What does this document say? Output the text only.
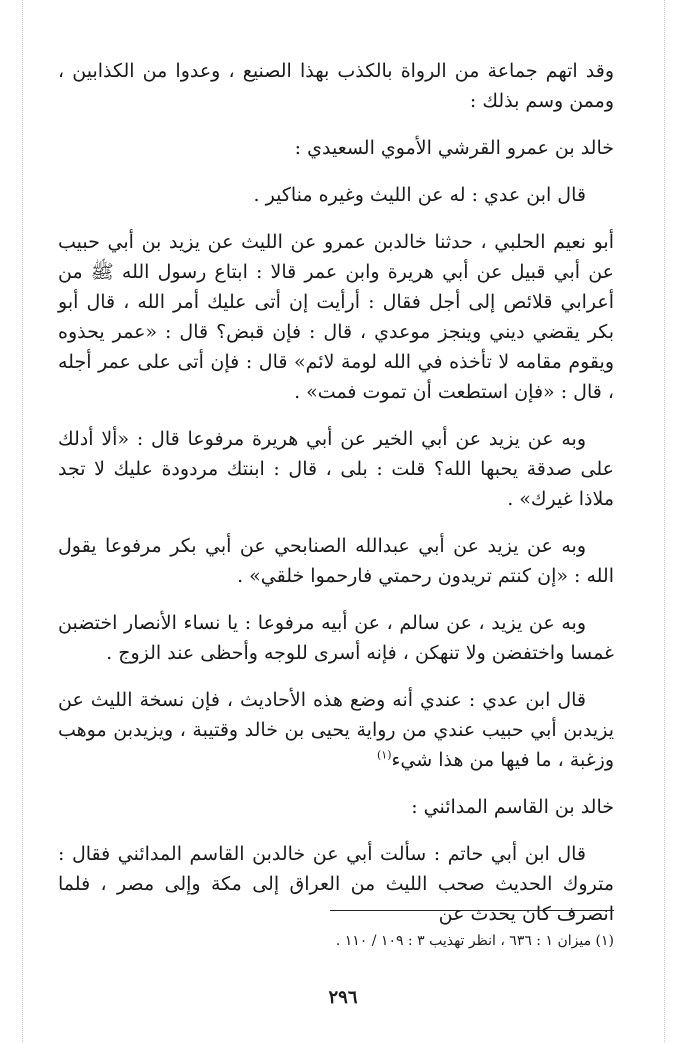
وقد اتهم جماعة من الرواة بالكذب بهذا الصنيع ، وعدوا من الكذابين ، وممن وسم بذلك :

خالد بن عمرو القرشي الأموي السعيدي :

قال ابن عدي : له عن الليث وغيره مناكير .

أبو نعيم الحلبي ، حدثنا خالدبن عمرو عن الليث عن يزيد بن أبي حبيب عن أبي قبيل عن أبي هريرة وابن عمر قالا : ابتاع رسول الله ﷺ من أعرابي قلائص إلى أجل فقال : أرأيت إن أتى عليك أمر الله ، قال أبو بكر يقضي ديني وينجز موعدي ، قال : فإن قبض؟ قال : «عمر يحذوه ويقوم مقامه لا تأخذه في الله لومة لائم» قال : فإن أتى على عمر أجله ، قال : «فإن استطعت أن تموت فمت» .

وبه عن يزيد عن أبي الخير عن أبي هريرة مرفوعا قال : «ألا أدلك على صدقة يحبها الله؟ قلت : بلى ، قال : ابنتك مردودة عليك لا تجد ملاذا غيرك» .

وبه عن يزيد عن أبي عبدالله الصنابحي عن أبي بكر مرفوعا يقول الله : «إن كنتم تريدون رحمتي فارحموا خلقي» .

وبه عن يزيد ، عن سالم ، عن أبيه مرفوعا : يا نساء الأنصار اختضبن غمسا واختفضن ولا تنهكن ، فإنه أسرى للوجه وأحظى عند الزوج .

قال ابن عدي : عندي أنه وضع هذه الأحاديث ، فإن نسخة الليث عن يزيدبن أبي حبيب عندي من رواية يحيى بن خالد وقتيبة ، ويزيدبن موهب وزغبة ، ما فيها من هذا شيء$^{(١)}$

خالد بن القاسم المدائني :

قال ابن أبي حاتم : سألت أبي عن خالدبن القاسم المدائني فقال : متروك الحديث صحب الليث من العراق إلى مكة وإلى مصر ، فلما انصرف كان يحدث عن

(١) ميزان ١ : ٦٣٦ ، انظر تهذيب ٣ : ١٠٩ / ١١٠ .
٢٩٦
